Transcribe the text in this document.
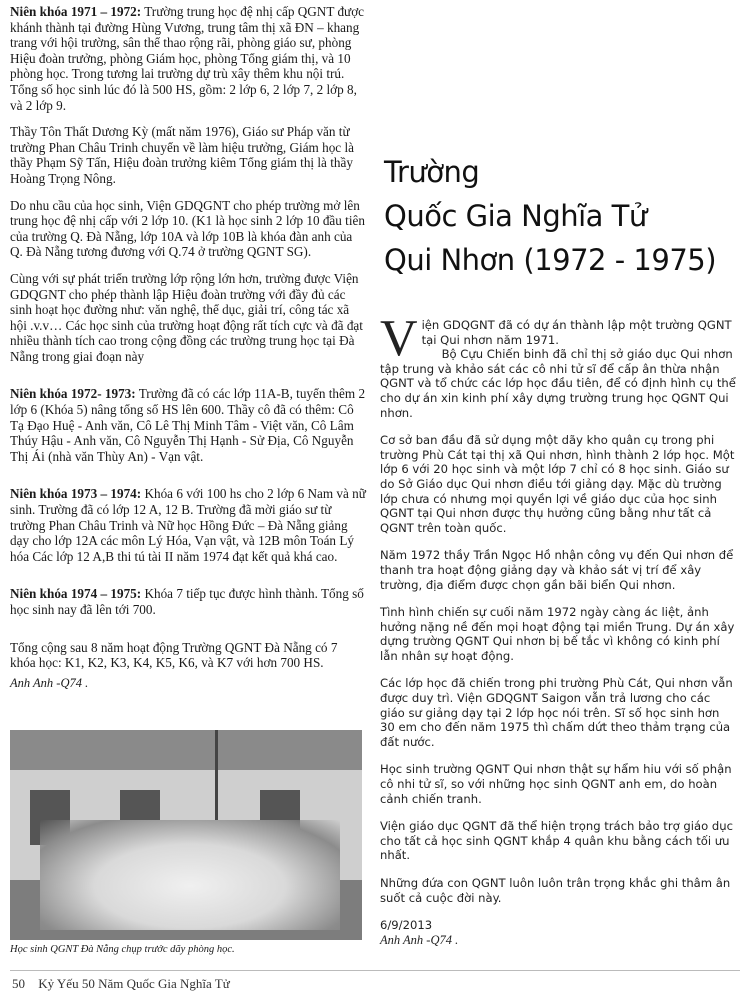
Niên khóa 1971 – 1972: Trường trung học đệ nhị cấp QGNT được khánh thành tại đường Hùng Vương, trung tâm thị xã ĐN – khang trang với hội trường, sân thể thao rộng rãi, phòng giáo sư, phòng Hiệu đoàn trưởng, phòng Giám học, phòng Tổng giám thị, và 10 phòng học. Trong tương lai trường dự trù xây thêm khu nội trú. Tổng số học sinh lúc đó là 500 HS, gồm: 2 lớp 6, 2 lớp 7, 2 lớp 8, và 2 lớp 9.

Thầy Tôn Thất Dương Kỳ (mất năm 1976), Giáo sư Pháp văn từ trường Phan Châu Trinh chuyển về làm hiệu trưởng, Giám học là thầy Phạm Sỹ Tấn, Hiệu đoàn trưởng kiêm Tổng giám thị là thầy Hoàng Trọng Nông.

Do nhu cầu của học sinh, Viện GDQGNT cho phép trường mở lên trung học đệ nhị cấp với 2 lớp 10. (K1 là học sinh 2 lớp 10 đầu tiên của trường Q. Đà Nẵng, lớp 10A và lớp 10B là khóa đàn anh của Q. Đà Nẵng tương đương với Q.74 ở trường QGNT SG).

Cùng với sự phát triển trường lớp rộng lớn hơn, trường được Viện GDQGNT cho phép thành lập Hiệu đoàn trường với đầy đủ các sinh hoạt học đường như: văn nghệ, thể dục, giải trí, công tác xã hội .v.v… Các học sinh của trường hoạt động rất tích cực và đã đạt nhiều thành tích cao trong cộng đồng các trường trung học tại Đà Nẵng trong giai đoạn này

Niên khóa 1972- 1973: Trường đã có các lớp 11A-B, tuyển thêm 2 lớp 6 (Khóa 5) nâng tổng số HS lên 600. Thầy cô đã có thêm: Cô Tạ Đạo Huệ - Anh văn, Cô Lê Thị Minh Tâm - Việt văn, Cô Lâm Thúy Hậu - Anh văn, Cô Nguyễn Thị Hạnh - Sử Địa, Cô Nguyễn Thị Ái (nhà văn Thùy An) - Vạn vật.

Niên khóa 1973 – 1974: Khóa 6 với 100 hs cho 2 lớp 6 Nam và nữ sinh. Trường đã có lớp 12 A, 12 B. Trường đã mời giáo sư từ trường Phan Châu Trinh và Nữ học Hồng Đức – Đà Nẵng giảng dạy cho lớp 12A các môn Lý Hóa, Vạn vật, và 12B môn Toán Lý hóa Các lớp 12 A,B thi tú tài II năm 1974 đạt kết quả khá cao.

Niên khóa 1974 – 1975: Khóa 7 tiếp tục được hình thành. Tổng số học sinh nay đã lên tới 700.

Tổng cộng sau 8 năm hoạt động Trường QGNT Đà Nẵng có 7 khóa học: K1, K2, K3, K4, K5, K6, và K7 với hơn 700 HS.

Anh Anh -Q74 .

Học sinh QGNT Đà Nẵng chụp trước dãy phòng học.
Trường
Quốc Gia Nghĩa Tử
Qui Nhơn (1972 - 1975)

Viện GDQGNT đã có dự án thành lập một trường QGNT tại Qui nhơn năm 1971.
Bộ Cựu Chiến binh đã chỉ thị sở giáo dục Qui nhơn tập trung và khảo sát các cô nhi tử sĩ để cấp ân thừa nhận QGNT và tổ chức các lớp học đầu tiên, để có định hình cụ thể cho dự án xin kinh phí xây dựng trường trung học QGNT Qui nhơn.

Cơ sở ban đầu đã sử dụng một dãy kho quân cụ trong phi trường Phù Cát tại thị xã Qui nhơn, hình thành 2 lớp học. Một lớp 6 với 20 học sinh và một lớp 7 chỉ có 8 học sinh. Giáo sư do Sở Giáo dục Qui nhơn điều tới giảng dạy. Mặc dù trường lớp chưa có nhưng mọi quyền lợi về giáo dục của học sinh QGNT tại Qui nhơn được thụ hưởng cũng bằng như tất cả QGNT trên toàn quốc.

Năm 1972 thầy Trần Ngọc Hồ nhận công vụ đến Qui nhơn để thanh tra hoạt động giảng dạy và khảo sát vị trí để xây trường, địa điểm được chọn gần bãi biển Qui nhơn.

Tình hình chiến sự cuối năm 1972 ngày càng ác liệt, ảnh hưởng nặng nề đến mọi hoạt động tại miền Trung. Dự án xây dựng trường QGNT Qui nhơn bị bế tắc vì không có kinh phí lẫn nhân sự hoạt động.

Các lớp học đã chiến trong phi trường Phù Cát, Qui nhơn vẫn được duy trì. Viện GDQGNT Saigon vẫn trả lương cho các giáo sư giảng dạy tại 2 lớp học nói trên. Sĩ số học sinh hơn 30 em cho đến năm 1975 thì chấm dứt theo thảm trạng của đất nước.

Học sinh trường QGNT Qui nhơn thật sự hẩm hiu với số phận cô nhi tử sĩ, so với những học sinh QGNT anh em, do hoàn cảnh chiến tranh.

Viện giáo dục QGNT đã thể hiện trọng trách bảo trợ giáo dục cho tất cả học sinh QGNT khắp 4 quân khu bằng cách tối ưu nhất.

Những đứa con QGNT luôn luôn trân trọng khắc ghi thâm ân suốt cả cuộc đời này.

6/9/2013

Anh Anh -Q74 .

50 Kỷ Yếu 50 Năm Quốc Gia Nghĩa Tử
